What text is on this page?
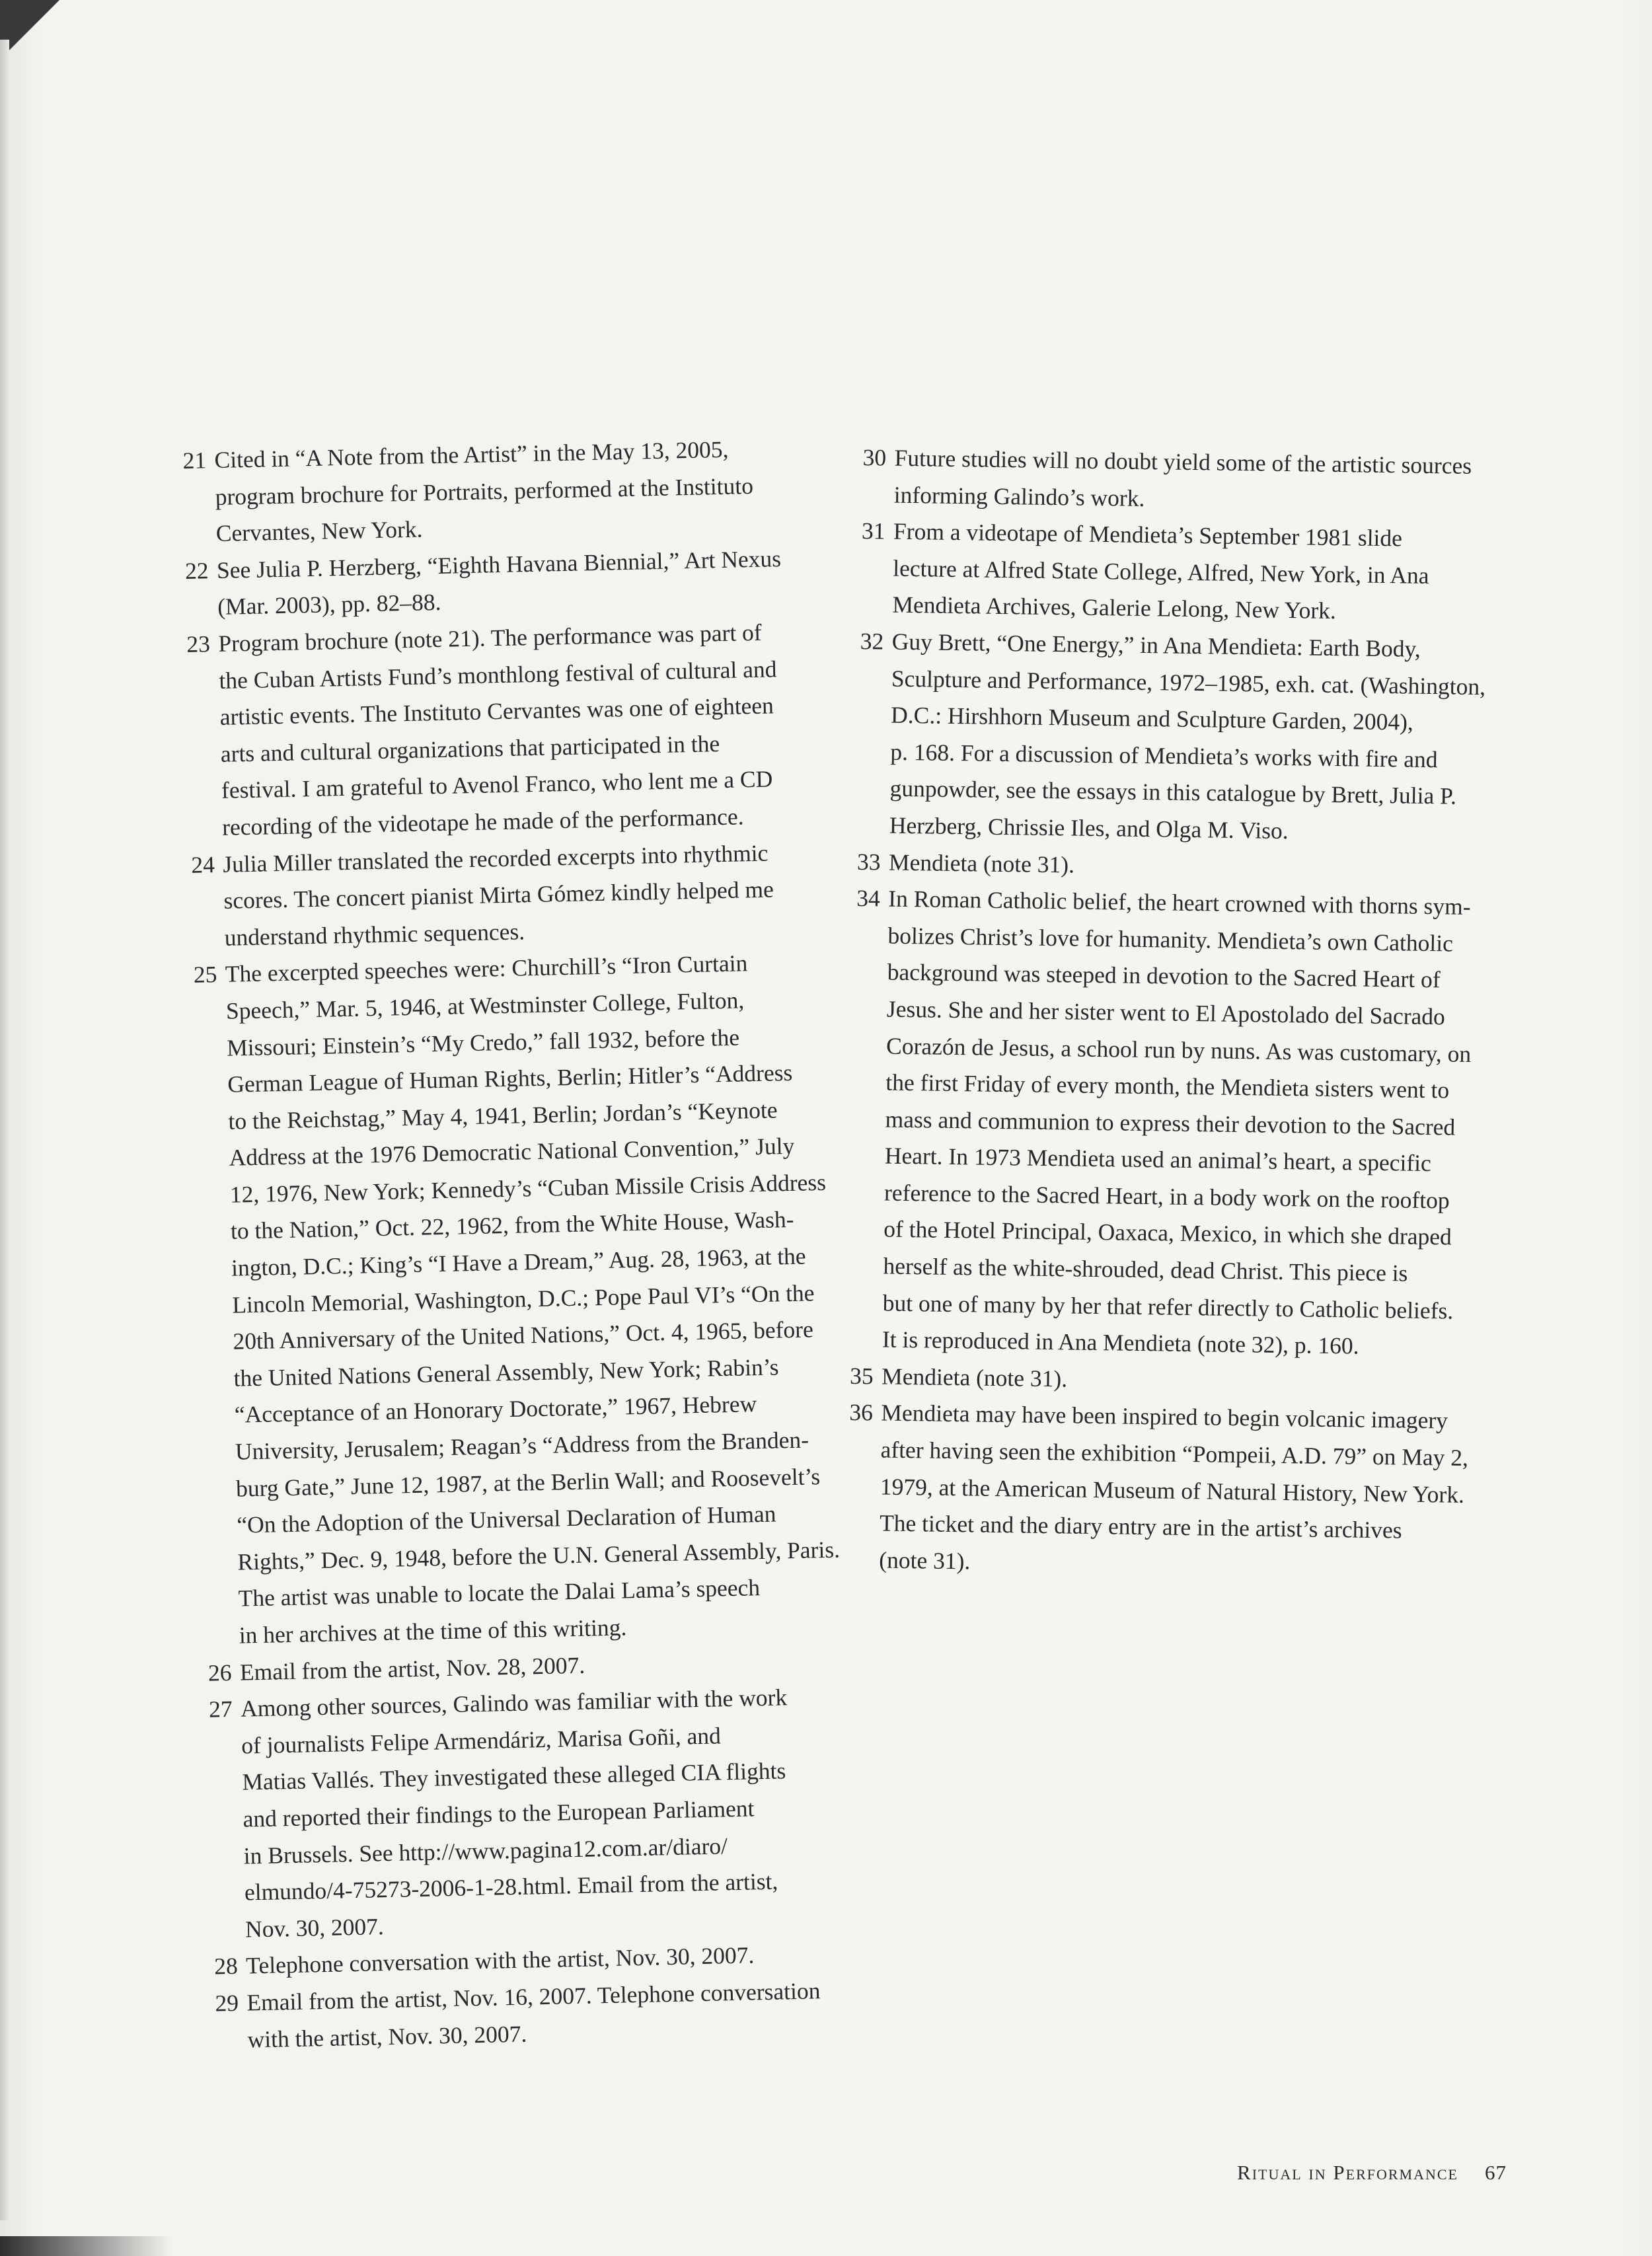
21 Cited in “A Note from the Artist” in the May 13, 2005,
program brochure for Portraits, performed at the Instituto
Cervantes, New York.
22 See Julia P. Herzberg, “Eighth Havana Biennial,” Art Nexus
(Mar. 2003), pp. 82–88.
23 Program brochure (note 21). The performance was part of
the Cuban Artists Fund’s monthlong festival of cultural and
artistic events. The Instituto Cervantes was one of eighteen
arts and cultural organizations that participated in the
festival. I am grateful to Avenol Franco, who lent me a CD
recording of the videotape he made of the performance.
24 Julia Miller translated the recorded excerpts into rhythmic
scores. The concert pianist Mirta Gómez kindly helped me
understand rhythmic sequences.
25 The excerpted speeches were: Churchill’s “Iron Curtain
Speech,” Mar. 5, 1946, at Westminster College, Fulton,
Missouri; Einstein’s “My Credo,” fall 1932, before the
German League of Human Rights, Berlin; Hitler’s “Address
to the Reichstag,” May 4, 1941, Berlin; Jordan’s “Keynote
Address at the 1976 Democratic National Convention,” July
12, 1976, New York; Kennedy’s “Cuban Missile Crisis Address
to the Nation,” Oct. 22, 1962, from the White House, Wash-
ington, D.C.; King’s “I Have a Dream,” Aug. 28, 1963, at the
Lincoln Memorial, Washington, D.C.; Pope Paul VI’s “On the
20th Anniversary of the United Nations,” Oct. 4, 1965, before
the United Nations General Assembly, New York; Rabin’s
“Acceptance of an Honorary Doctorate,” 1967, Hebrew
University, Jerusalem; Reagan’s “Address from the Branden-
burg Gate,” June 12, 1987, at the Berlin Wall; and Roosevelt’s
“On the Adoption of the Universal Declaration of Human
Rights,” Dec. 9, 1948, before the U.N. General Assembly, Paris.
The artist was unable to locate the Dalai Lama’s speech
in her archives at the time of this writing.
26 Email from the artist, Nov. 28, 2007.
27 Among other sources, Galindo was familiar with the work
of journalists Felipe Armendáriz, Marisa Goñi, and
Matias Vallés. They investigated these alleged CIA flights
and reported their findings to the European Parliament
in Brussels. See http://www.pagina12.com.ar/diaro/
elmundo/4-75273-2006-1-28.html. Email from the artist,
Nov. 30, 2007.
28 Telephone conversation with the artist, Nov. 30, 2007.
29 Email from the artist, Nov. 16, 2007. Telephone conversation
with the artist, Nov. 30, 2007.
30 Future studies will no doubt yield some of the artistic sources
informing Galindo’s work.
31 From a videotape of Mendieta’s September 1981 slide
lecture at Alfred State College, Alfred, New York, in Ana
Mendieta Archives, Galerie Lelong, New York.
32 Guy Brett, “One Energy,” in Ana Mendieta: Earth Body,
Sculpture and Performance, 1972–1985, exh. cat. (Washington,
D.C.: Hirshhorn Museum and Sculpture Garden, 2004),
p. 168. For a discussion of Mendieta’s works with fire and
gunpowder, see the essays in this catalogue by Brett, Julia P.
Herzberg, Chrissie Iles, and Olga M. Viso.
33 Mendieta (note 31).
34 In Roman Catholic belief, the heart crowned with thorns sym-
bolizes Christ’s love for humanity. Mendieta’s own Catholic
background was steeped in devotion to the Sacred Heart of
Jesus. She and her sister went to El Apostolado del Sacrado
Corazón de Jesus, a school run by nuns. As was customary, on
the first Friday of every month, the Mendieta sisters went to
mass and communion to express their devotion to the Sacred
Heart. In 1973 Mendieta used an animal’s heart, a specific
reference to the Sacred Heart, in a body work on the rooftop
of the Hotel Principal, Oaxaca, Mexico, in which she draped
herself as the white-shrouded, dead Christ. This piece is
but one of many by her that refer directly to Catholic beliefs.
It is reproduced in Ana Mendieta (note 32), p. 160.
35 Mendieta (note 31).
36 Mendieta may have been inspired to begin volcanic imagery
after having seen the exhibition “Pompeii, A.D. 79” on May 2,
1979, at the American Museum of Natural History, New York.
The ticket and the diary entry are in the artist’s archives
(note 31).
Ritual in Performance 67
